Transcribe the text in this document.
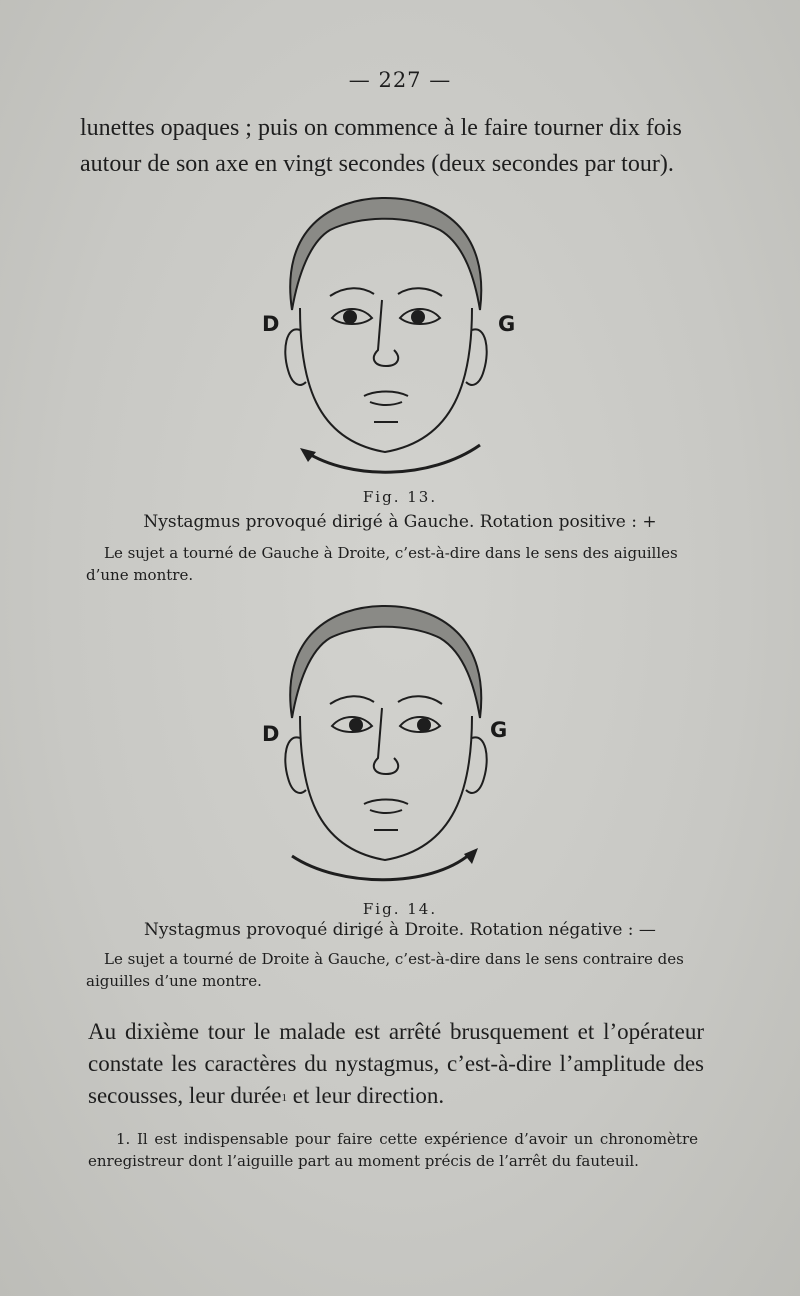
— 227 —
lunettes opaques ; puis on commence à le faire tourner dix fois autour de son axe en vingt secondes (deux secondes par tour).
D	G
Fig. 13.
Nystagmus provoqué dirigé à Gauche. Rotation positive : +
Le sujet a tourné de Gauche à Droite, c’est-à-dire dans le sens des aiguilles d’une montre.
D	G
Fig. 14.
Nystagmus provoqué dirigé à Droite. Rotation négative : —
Le sujet a tourné de Droite à Gauche, c’est-à-dire dans le sens contraire des aiguilles d’une montre.
Au dixième tour le malade est arrêté brusquement et l’opérateur constate les caractères du nystagmus, c’est-à-dire l’amplitude des secousses, leur durée1 et leur direction.
1. Il est indispensable pour faire cette expérience d’avoir un chronomètre enregistreur dont l’aiguille part au moment précis de l’arrêt du fauteuil.
